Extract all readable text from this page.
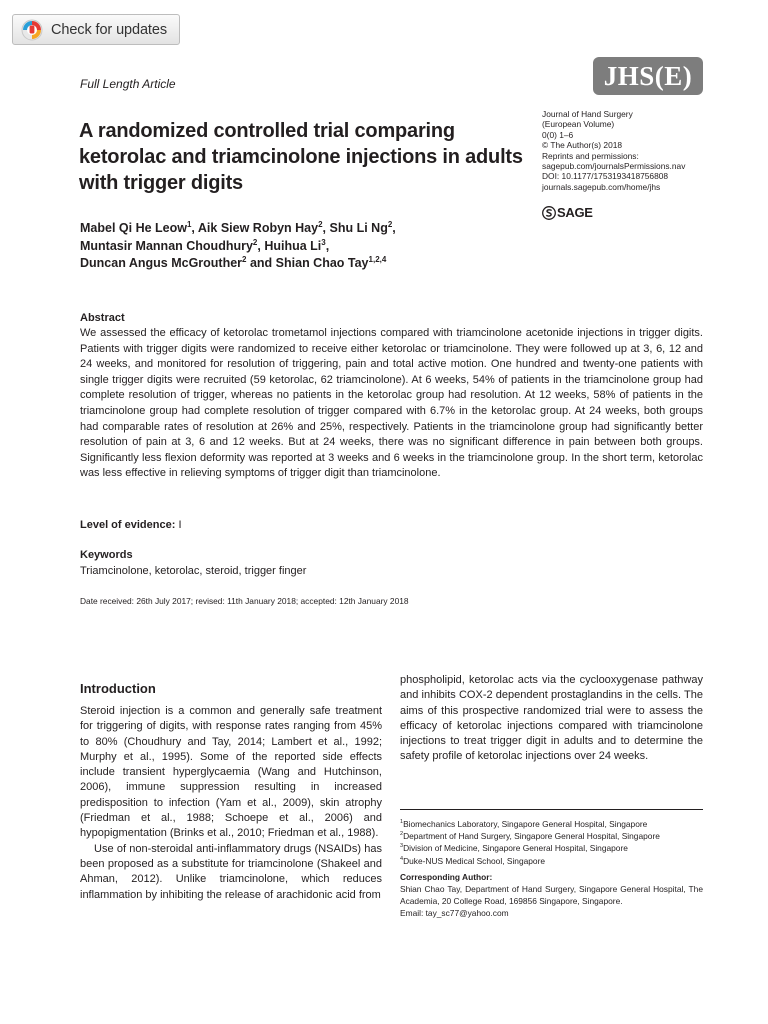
Check for updates
JHS(E)
Full Length Article
A randomized controlled trial comparing ketorolac and triamcinolone injections in adults with trigger digits
Journal of Hand Surgery
(European Volume)
0(0) 1–6
© The Author(s) 2018
Reprints and permissions:
sagepub.com/journalsPermissions.nav
DOI: 10.1177/1753193418756808
journals.sagepub.com/home/jhs
SAGE
Mabel Qi He Leow$^1$, Aik Siew Robyn Hay$^2$, Shu Li Ng$^2$,
Muntasir Mannan Choudhury$^2$, Huihua Li$^3$,
Duncan Angus McGrouther$^2$ and Shian Chao Tay$^{1,2,4}$
Abstract

We assessed the efficacy of ketorolac trometamol injections compared with triamcinolone acetonide injections in trigger digits. Patients with trigger digits were randomized to receive either ketorolac or triamcinolone. They were followed up at 3, 6, 12 and 24 weeks, and monitored for resolution of triggering, pain and total active motion. One hundred and twenty-one patients with single trigger digits were recruited (59 ketorolac, 62 triamcinolone). At 6 weeks, 54% of patients in the triamcinolone group had complete resolution of trigger, whereas no patients in the ketorolac group had resolution. At 12 weeks, 58% of patients in the triamcinolone group had complete resolution of trigger compared with 6.7% in the ketorolac group. At 24 weeks, both groups had comparable rates of resolution at 26% and 25%, respectively. Patients in the triamcinolone group had significantly better resolution of pain at 3, 6 and 12 weeks. But at 24 weeks, there was no significant difference in pain between both groups. Significantly less flexion deformity was reported at 3 weeks and 6 weeks in the triamcinolone group. In the short term, ketorolac was less effective in relieving symptoms of trigger digit than triamcinolone.

Level of evidence: I
Keywords
Triamcinolone, ketorolac, steroid, trigger finger
Date received: 26th July 2017; revised: 11th January 2018; accepted: 12th January 2018
Introduction

Steroid injection is a common and generally safe treatment for triggering of digits, with response rates ranging from 45% to 80% (Choudhury and Tay, 2014; Lambert et al., 1992; Murphy et al., 1995). Some of the reported side effects include transient hyperglycaemia (Wang and Hutchinson, 2006), immune suppression resulting in increased predisposition to infection (Yam et al., 2009), skin atrophy (Friedman et al., 1988; Schoepe et al., 2006) and hypopigmentation (Brinks et al., 2010; Friedman et al., 1988).

Use of non-steroidal anti-inflammatory drugs (NSAIDs) has been proposed as a substitute for triamcinolone (Shakeel and Ahman, 2012). Unlike triamcinolone, which reduces inflammation by inhibiting the release of arachidonic acid from

phospholipid, ketorolac acts via the cyclooxygenase pathway and inhibits COX-2 dependent prostaglandins in the cells. The aims of this prospective randomized trial were to assess the efficacy of ketorolac injections compared with triamcinolone injections to treat trigger digit in adults and to determine the safety profile of ketorolac injections over 24 weeks.

$^1$Biomechanics Laboratory, Singapore General Hospital, Singapore

$^2$Department of Hand Surgery, Singapore General Hospital, Singapore

$^3$Division of Medicine, Singapore General Hospital, Singapore

$^4$Duke-NUS Medical School, Singapore

Corresponding Author:

Shian Chao Tay, Department of Hand Surgery, Singapore General Hospital, The Academia, 20 College Road, 169856 Singapore, Singapore.

Email: tay_sc77@yahoo.com
